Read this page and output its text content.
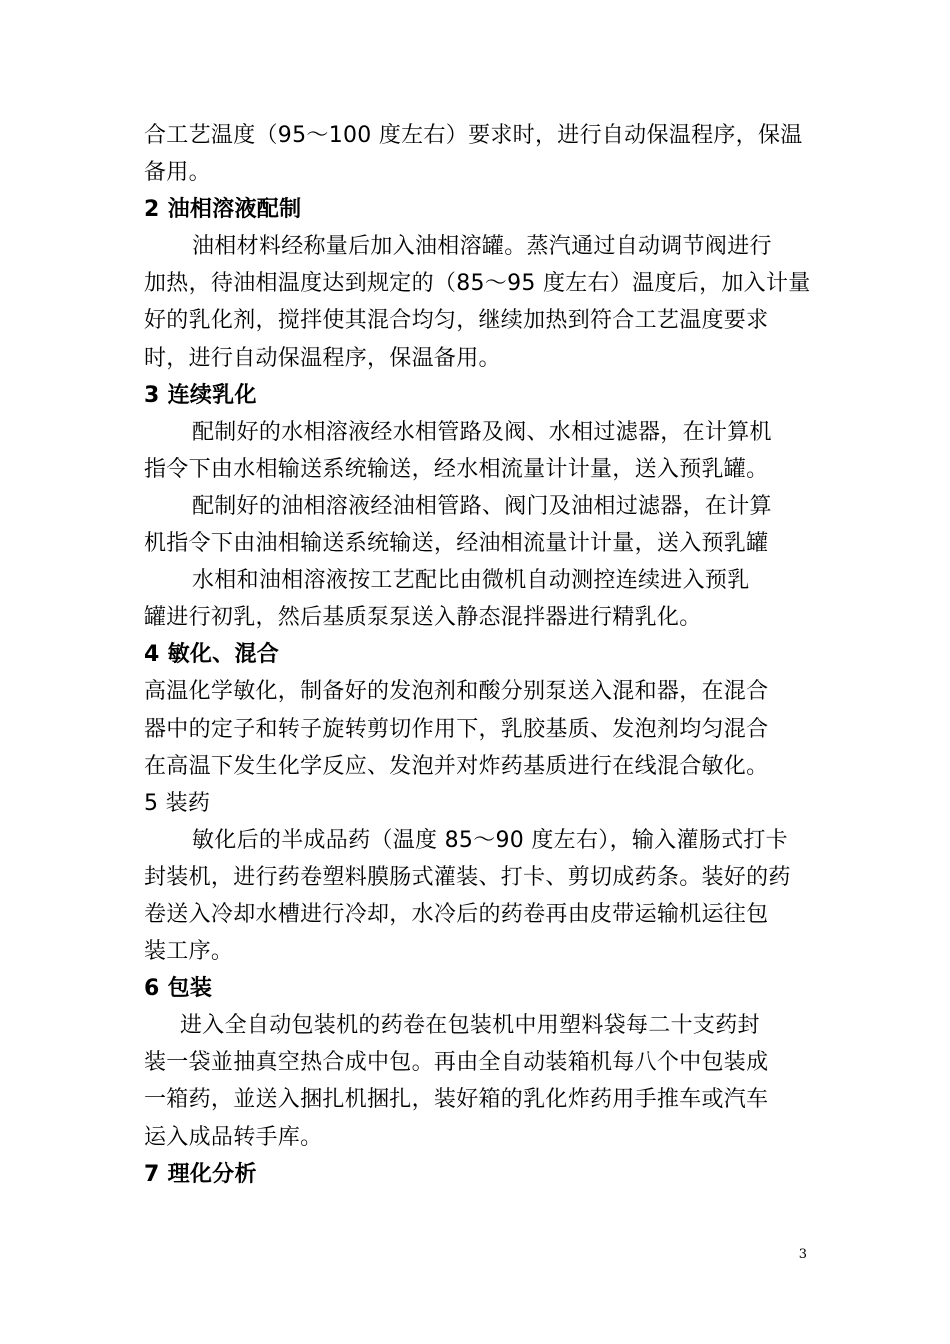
合工艺温度（95～100 度左右）要求时，进行自动保温程序，保温
备用。
2 油相溶液配制
油相材料经称量后加入油相溶罐。蒸汽通过自动调节阀进行
加热，待油相温度达到规定的（85～95 度左右）温度后，加入计量
好的乳化剂，搅拌使其混合均匀，继续加热到符合工艺温度要求
时，进行自动保温程序，保温备用。
3 连续乳化
配制好的水相溶液经水相管路及阀、水相过滤器，在计算机
指令下由水相输送系统输送，经水相流量计计量，送入预乳罐。
配制好的油相溶液经油相管路、阀门及油相过滤器，在计算
机指令下由油相输送系统输送，经油相流量计计量，送入预乳罐
水相和油相溶液按工艺配比由微机自动测控连续进入预乳
罐进行初乳，然后基质泵泵送入静态混拌器进行精乳化。
4 敏化、混合
高温化学敏化，制备好的发泡剂和酸分别泵送入混和器，在混合
器中的定子和转子旋转剪切作用下，乳胶基质、发泡剂均匀混合
在高温下发生化学反应、发泡并对炸药基质进行在线混合敏化。
5 装药
敏化后的半成品药（温度 85～90 度左右），输入灌肠式打卡
封装机，进行药卷塑料膜肠式灌装、打卡、剪切成药条。装好的药
卷送入冷却水槽进行冷却，水冷后的药卷再由皮带运输机运往包
装工序。
6 包装
进入全自动包装机的药卷在包装机中用塑料袋每二十支药封
装一袋並抽真空热合成中包。再由全自动装箱机每八个中包装成
一箱药，並送入捆扎机捆扎，装好箱的乳化炸药用手推车或汽车
运入成品转手库。
7 理化分析
3
